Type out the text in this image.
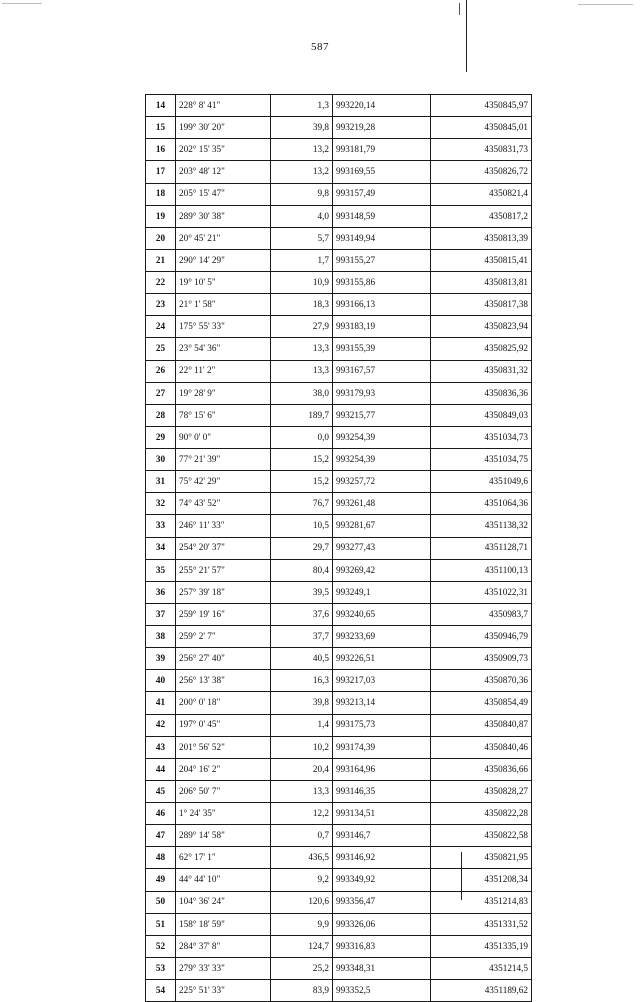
587
14	228° 8' 41"	1,3	993220,14	4350845,97
15	199° 30' 20"	39,8	993219,28	4350845,01
16	202° 15' 35"	13,2	993181,79	4350831,73
17	203° 48' 12"	13,2	993169,55	4350826,72
18	205° 15' 47"	9,8	993157,49	4350821,4
19	289° 30' 38"	4,0	993148,59	4350817,2
20	20° 45' 21"	5,7	993149,94	4350813,39
21	290° 14' 29"	1,7	993155,27	4350815,41
22	19° 10' 5"	10,9	993155,86	4350813,81
23	21° 1' 58"	18,3	993166,13	4350817,38
24	175° 55' 33"	27,9	993183,19	4350823,94
25	23° 54' 36"	13,3	993155,39	4350825,92
26	22° 11' 2"	13,3	993167,57	4350831,32
27	19° 28' 9"	38,0	993179,93	4350836,36
28	78° 15' 6"	189,7	993215,77	4350849,03
29	90° 0' 0"	0,0	993254,39	4351034,73
30	77° 21' 39"	15,2	993254,39	4351034,75
31	75° 42' 29"	15,2	993257,72	4351049,6
32	74° 43' 52"	76,7	993261,48	4351064,36
33	246° 11' 33"	10,5	993281,67	4351138,32
34	254° 20' 37"	29,7	993277,43	4351128,71
35	255° 21' 57"	80,4	993269,42	4351100,13
36	257° 39' 18"	39,5	993249,1	4351022,31
37	259° 19' 16"	37,6	993240,65	4350983,7
38	259° 2' 7"	37,7	993233,69	4350946,79
39	256° 27' 40"	40,5	993226,51	4350909,73
40	256° 13' 38"	16,3	993217,03	4350870,36
41	200° 0' 18"	39,8	993213,14	4350854,49
42	197° 0' 45"	1,4	993175,73	4350840,87
43	201° 56' 52"	10,2	993174,39	4350840,46
44	204° 16' 2"	20,4	993164,96	4350836,66
45	206° 50' 7"	13,3	993146,35	4350828,27
46	1° 24' 35"	12,2	993134,51	4350822,28
47	289° 14' 58"	0,7	993146,7	4350822,58
48	62° 17' 1"	436,5	993146,92	4350821,95
49	44° 44' 10"	9,2	993349,92	4351208,34
50	104° 36' 24"	120,6	993356,47	4351214,83
51	158° 18' 59"	9,9	993326,06	4351331,52
52	284° 37' 8"	124,7	993316,83	4351335,19
53	279° 33' 33"	25,2	993348,31	4351214,5
54	225° 51' 33"	83,9	993352,5	4351189,62
